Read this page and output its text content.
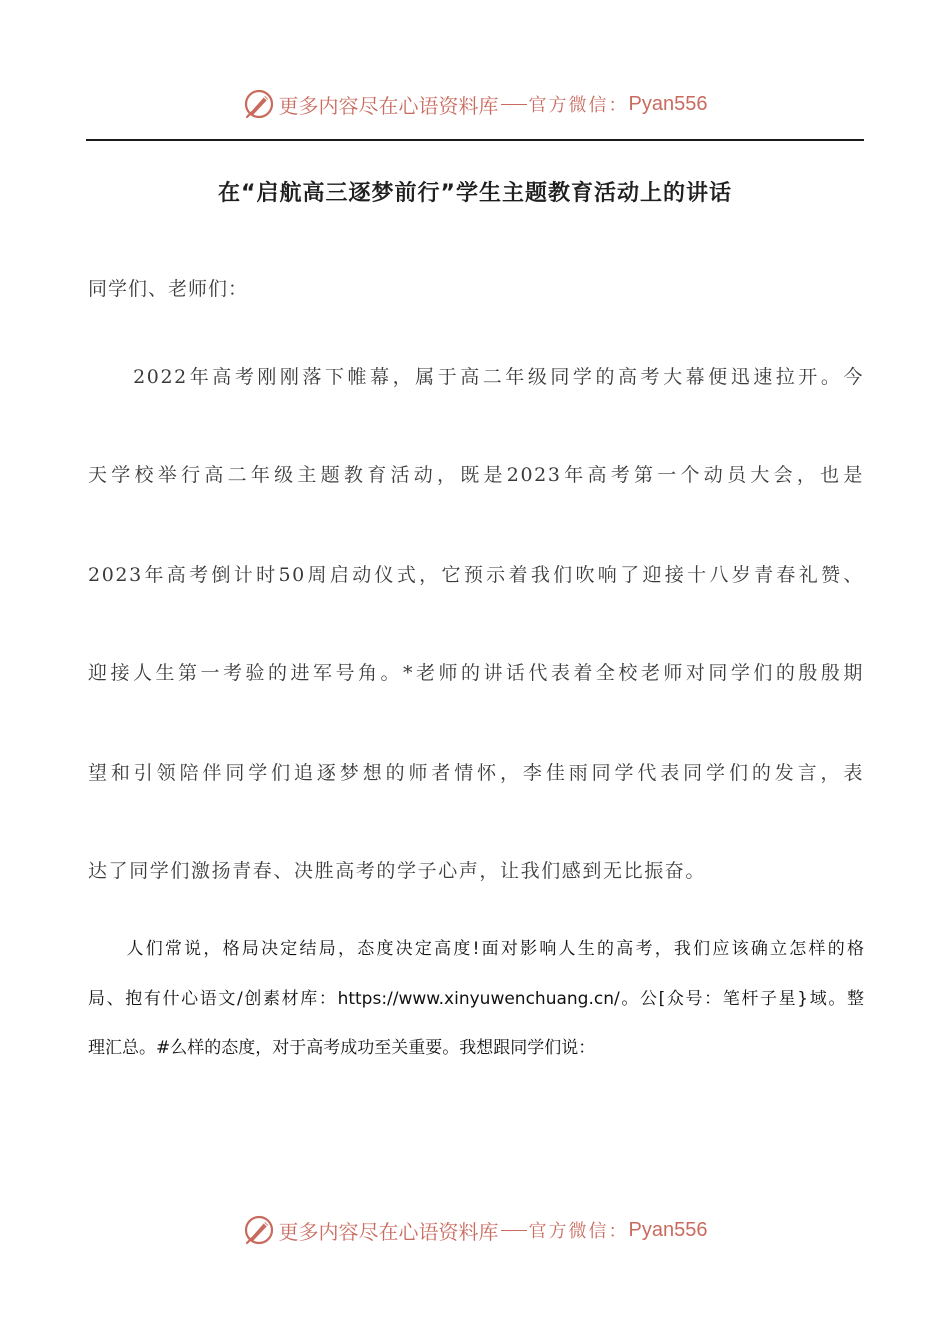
更多内容尽在心语资料库 官方微信： Pyan556
在“启航高三逐梦前行”学生主题教育活动上的讲话
同学们、老师们：
　　2022年高考刚刚落下帷幕，属于高二年级同学的高考大幕便迅速拉开。今
天学校举行高二年级主题教育活动，既是2023年高考第一个动员大会，也是
2023年高考倒计时50周启动仪式，它预示着我们吹响了迎接十八岁青春礼赞、
迎接人生第一考验的进军号角。*老师的讲话代表着全校老师对同学们的殷殷期
望和引领陪伴同学们追逐梦想的师者情怀，李佳雨同学代表同学们的发言，表
达了同学们激扬青春、决胜高考的学子心声，让我们感到无比振奋。
　　人们常说，格局决定结局，态度决定高度!面对影响人生的高考，我们应该确立怎样的格
局、抱有什心语文/创素材库：https://www.xinyuwenchuang.cn/。公[众号：笔杆子星}域。整
理汇总。#么样的态度，对于高考成功至关重要。我想跟同学们说：
更多内容尽在心语资料库 官方微信： Pyan556
